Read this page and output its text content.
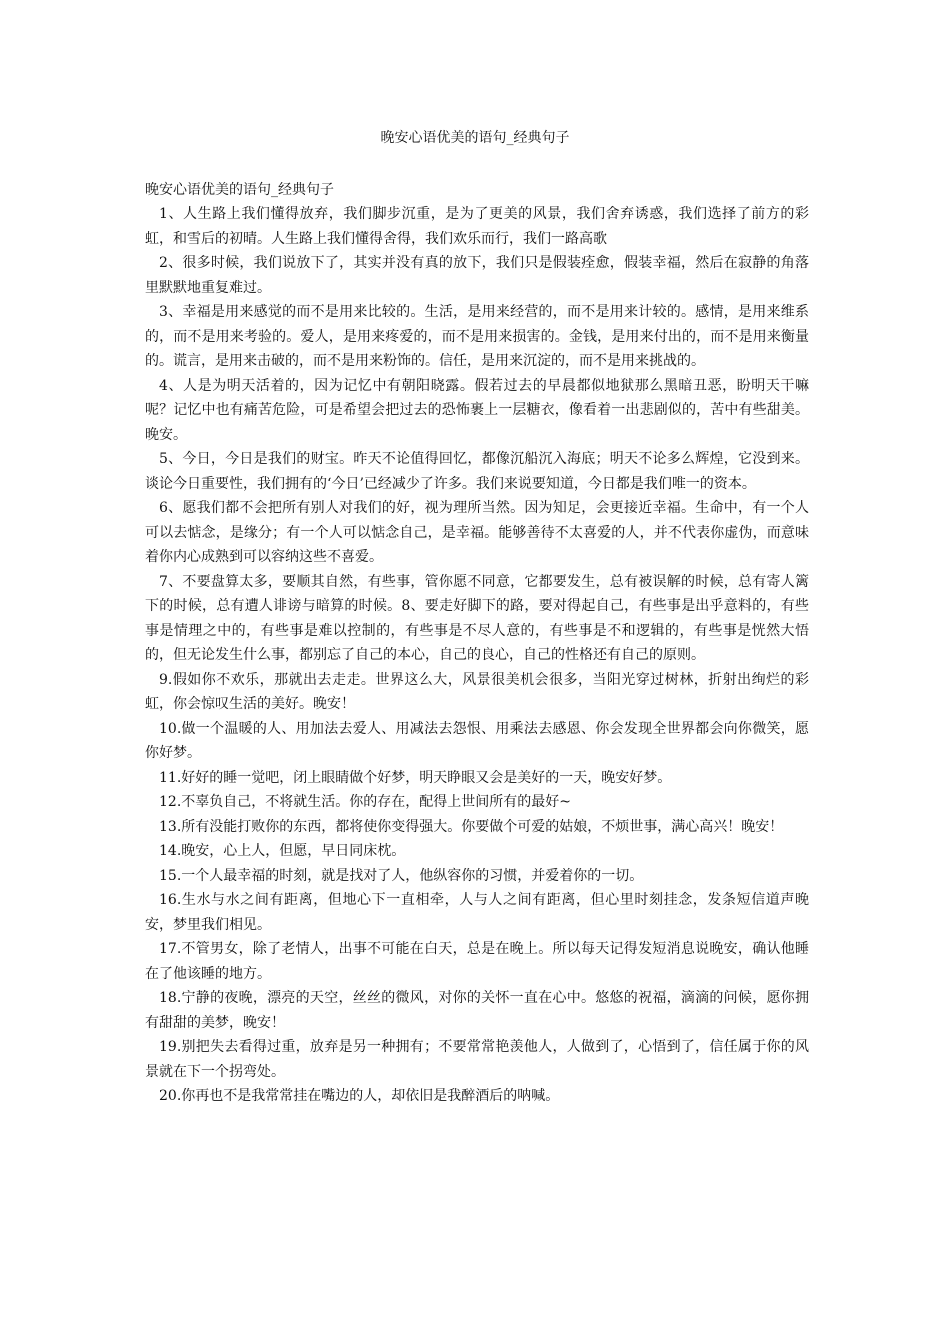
晚安心语优美的语句_经典句子

晚安心语优美的语句_经典句子

1、人生路上我们懂得放弃，我们脚步沉重，是为了更美的风景，我们舍弃诱惑，我们选择了前方的彩虹，和雪后的初晴。人生路上我们懂得舍得，我们欢乐而行，我们一路高歌

2、很多时候，我们说放下了，其实并没有真的放下，我们只是假装痊愈，假装幸福，然后在寂静的角落里默默地重复难过。

3、幸福是用来感觉的而不是用来比较的。生活，是用来经营的，而不是用来计较的。感情，是用来维系的，而不是用来考验的。爱人，是用来疼爱的，而不是用来损害的。金钱，是用来付出的，而不是用来衡量的。谎言，是用来击破的，而不是用来粉饰的。信任，是用来沉淀的，而不是用来挑战的。

4、人是为明天活着的，因为记忆中有朝阳晓露。假若过去的早晨都似地狱那么黑暗丑恶，盼明天干嘛呢？记忆中也有痛苦危险，可是希望会把过去的恐怖裹上一层糖衣，像看着一出悲剧似的，苦中有些甜美。晚安。

5、今日，今日是我们的财宝。昨天不论值得回忆，都像沉船沉入海底；明天不论多么辉煌，它没到来。谈论今日重要性，我们拥有的‘今日’已经减少了许多。我们来说要知道，今日都是我们唯一的资本。

6、愿我们都不会把所有别人对我们的好，视为理所当然。因为知足，会更接近幸福。生命中，有一个人可以去惦念，是缘分；有一个人可以惦念自己，是幸福。能够善待不太喜爱的人，并不代表你虚伪，而意味着你内心成熟到可以容纳这些不喜爱。

7、不要盘算太多，要顺其自然，有些事，管你愿不同意，它都要发生，总有被误解的时候，总有寄人篱下的时候，总有遭人诽谤与暗算的时候。8、要走好脚下的路，要对得起自己，有些事是出乎意料的，有些事是情理之中的，有些事是难以控制的，有些事是不尽人意的，有些事是不和逻辑的，有些事是恍然大悟的，但无论发生什么事，都别忘了自己的本心，自己的良心，自己的性格还有自己的原则。

9.假如你不欢乐，那就出去走走。世界这么大，风景很美机会很多，当阳光穿过树林，折射出绚烂的彩虹，你会惊叹生活的美好。晚安！

10.做一个温暖的人、用加法去爱人、用减法去怨恨、用乘法去感恩、你会发现全世界都会向你微笑，愿你好梦。

11.好好的睡一觉吧，闭上眼睛做个好梦，明天睁眼又会是美好的一天，晚安好梦。

12.不辜负自己，不将就生活。你的存在，配得上世间所有的最好~

13.所有没能打败你的东西，都将使你变得强大。你要做个可爱的姑娘，不烦世事，满心高兴！晚安！

14.晚安，心上人，但愿，早日同床枕。

15.一个人最幸福的时刻，就是找对了人，他纵容你的习惯，并爱着你的一切。

16.生水与水之间有距离，但地心下一直相牵，人与人之间有距离，但心里时刻挂念，发条短信道声晚安，梦里我们相见。

17.不管男女，除了老情人，出事不可能在白天，总是在晚上。所以每天记得发短消息说晚安，确认他睡在了他该睡的地方。

18.宁静的夜晚，漂亮的天空，丝丝的微风，对你的关怀一直在心中。悠悠的祝福，滴滴的问候，愿你拥有甜甜的美梦，晚安！

19.别把失去看得过重，放弃是另一种拥有；不要常常艳羡他人，人做到了，心悟到了，信任属于你的风景就在下一个拐弯处。

20.你再也不是我常常挂在嘴边的人，却依旧是我醉酒后的呐喊。
